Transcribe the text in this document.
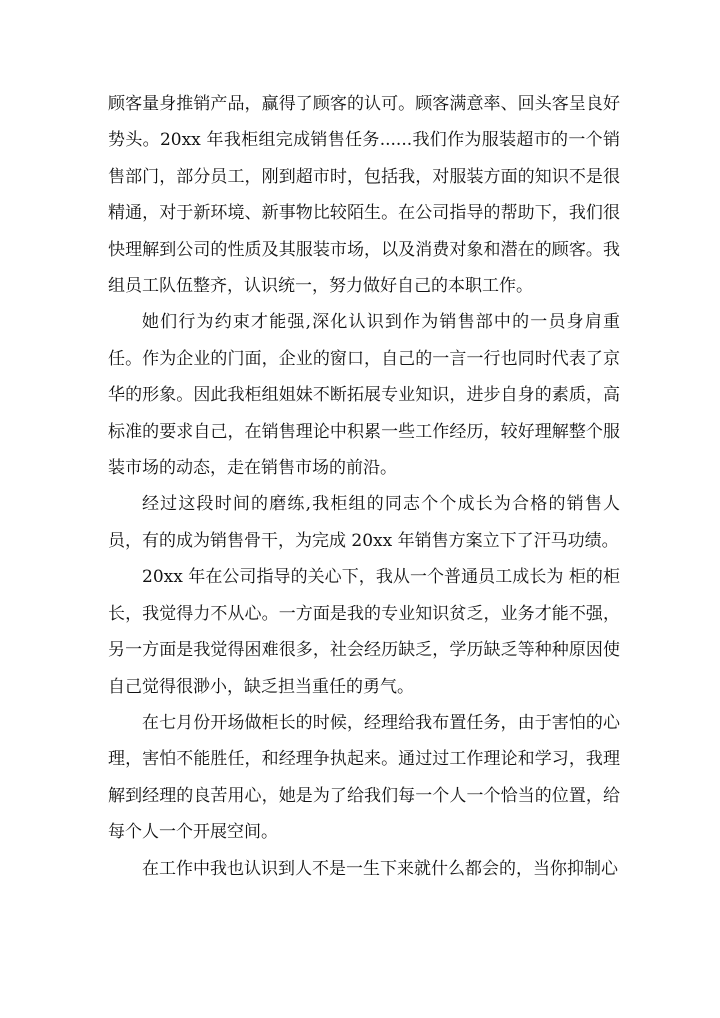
顾客量身推销产品，赢得了顾客的认可。顾客满意率、回头客呈良好势头。20xx 年我柜组完成销售任务......我们作为服装超市的一个销售部门，部分员工，刚到超市时，包括我，对服装方面的知识不是很精通，对于新环境、新事物比较陌生。在公司指导的帮助下，我们很快理解到公司的性质及其服装市场，以及消费对象和潜在的顾客。我组员工队伍整齐，认识统一，努力做好自己的本职工作。

她们行为约束才能强,深化认识到作为销售部中的一员身肩重任。作为企业的门面，企业的窗口，自己的一言一行也同时代表了京华的形象。因此我柜组姐妹不断拓展专业知识，进步自身的素质，高标准的要求自己，在销售理论中积累一些工作经历，较好理解整个服装市场的动态，走在销售市场的前沿。

经过这段时间的磨练,我柜组的同志个个成长为合格的销售人员，有的成为销售骨干，为完成 20xx 年销售方案立下了汗马功绩。

20xx 年在公司指导的关心下，我从一个普通员工成长为 柜的柜长，我觉得力不从心。一方面是我的专业知识贫乏，业务才能不强，另一方面是我觉得困难很多，社会经历缺乏，学历缺乏等种种原因使自己觉得很渺小，缺乏担当重任的勇气。

在七月份开场做柜长的时候，经理给我布置任务，由于害怕的心理，害怕不能胜任，和经理争执起来。通过过工作理论和学习，我理解到经理的良苦用心，她是为了给我们每一个人一个恰当的位置，给每个人一个开展空间。

在工作中我也认识到人不是一生下来就什么都会的，当你抑制心
